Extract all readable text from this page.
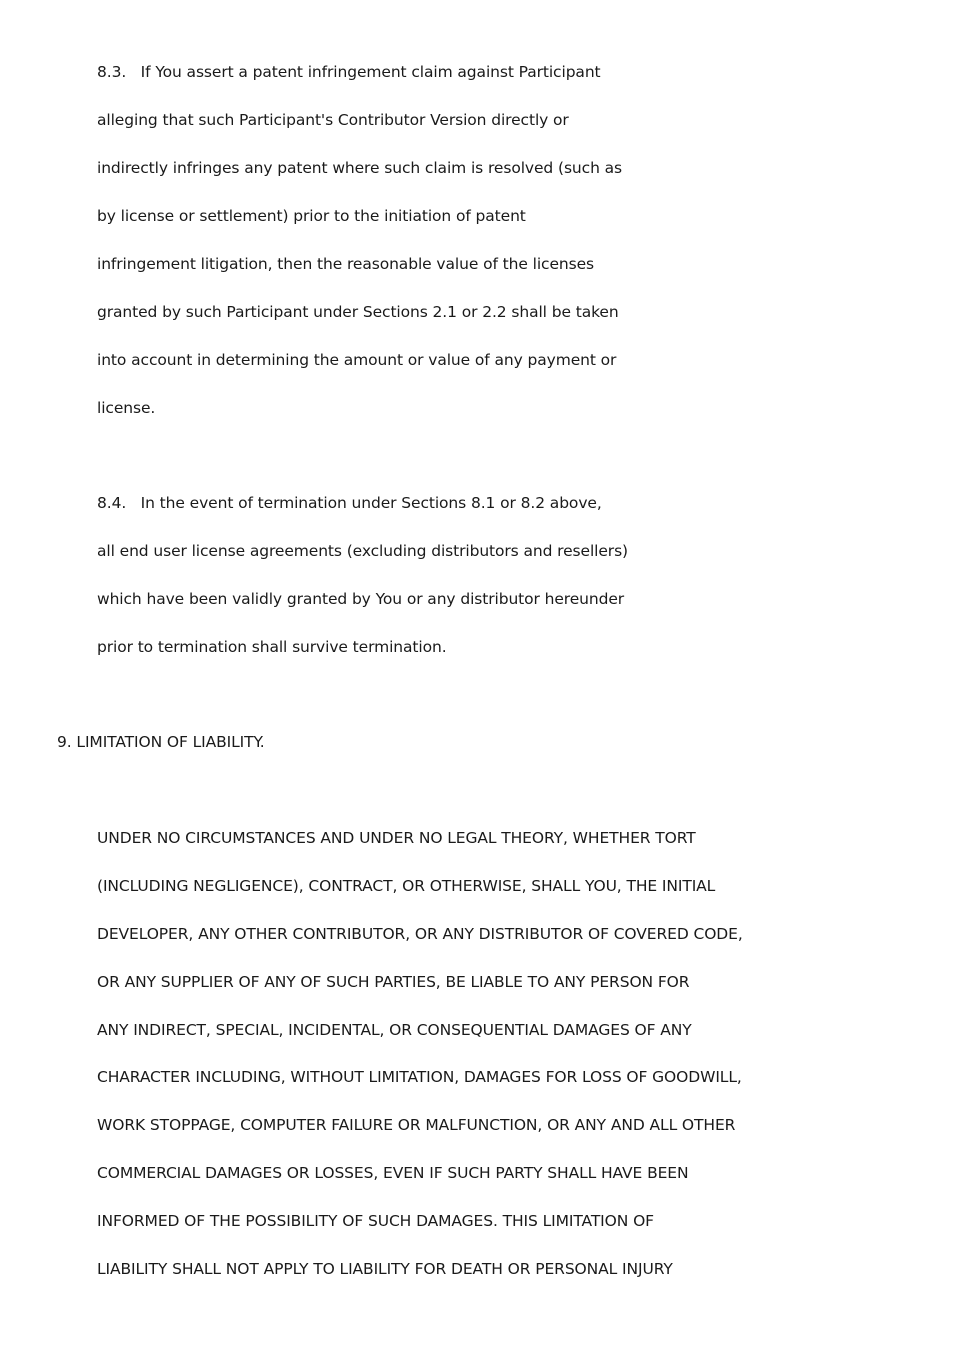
8.3.   If You assert a patent infringement claim against Participant
alleging that such Participant's Contributor Version directly or
indirectly infringes any patent where such claim is resolved (such as
by license or settlement) prior to the initiation of patent
infringement litigation, then the reasonable value of the licenses
granted by such Participant under Sections 2.1 or 2.2 shall be taken
into account in determining the amount or value of any payment or
license.
8.4.   In the event of termination under Sections 8.1 or 8.2 above,
all end user license agreements (excluding distributors and resellers)
which have been validly granted by You or any distributor hereunder
prior to termination shall survive termination.
9. LIMITATION OF LIABILITY.
UNDER NO CIRCUMSTANCES AND UNDER NO LEGAL THEORY, WHETHER TORT
(INCLUDING NEGLIGENCE), CONTRACT, OR OTHERWISE, SHALL YOU, THE INITIAL
DEVELOPER, ANY OTHER CONTRIBUTOR, OR ANY DISTRIBUTOR OF COVERED CODE,
OR ANY SUPPLIER OF ANY OF SUCH PARTIES, BE LIABLE TO ANY PERSON FOR
ANY INDIRECT, SPECIAL, INCIDENTAL, OR CONSEQUENTIAL DAMAGES OF ANY
CHARACTER INCLUDING, WITHOUT LIMITATION, DAMAGES FOR LOSS OF GOODWILL,
WORK STOPPAGE, COMPUTER FAILURE OR MALFUNCTION, OR ANY AND ALL OTHER
COMMERCIAL DAMAGES OR LOSSES, EVEN IF SUCH PARTY SHALL HAVE BEEN
INFORMED OF THE POSSIBILITY OF SUCH DAMAGES. THIS LIMITATION OF
LIABILITY SHALL NOT APPLY TO LIABILITY FOR DEATH OR PERSONAL INJURY
